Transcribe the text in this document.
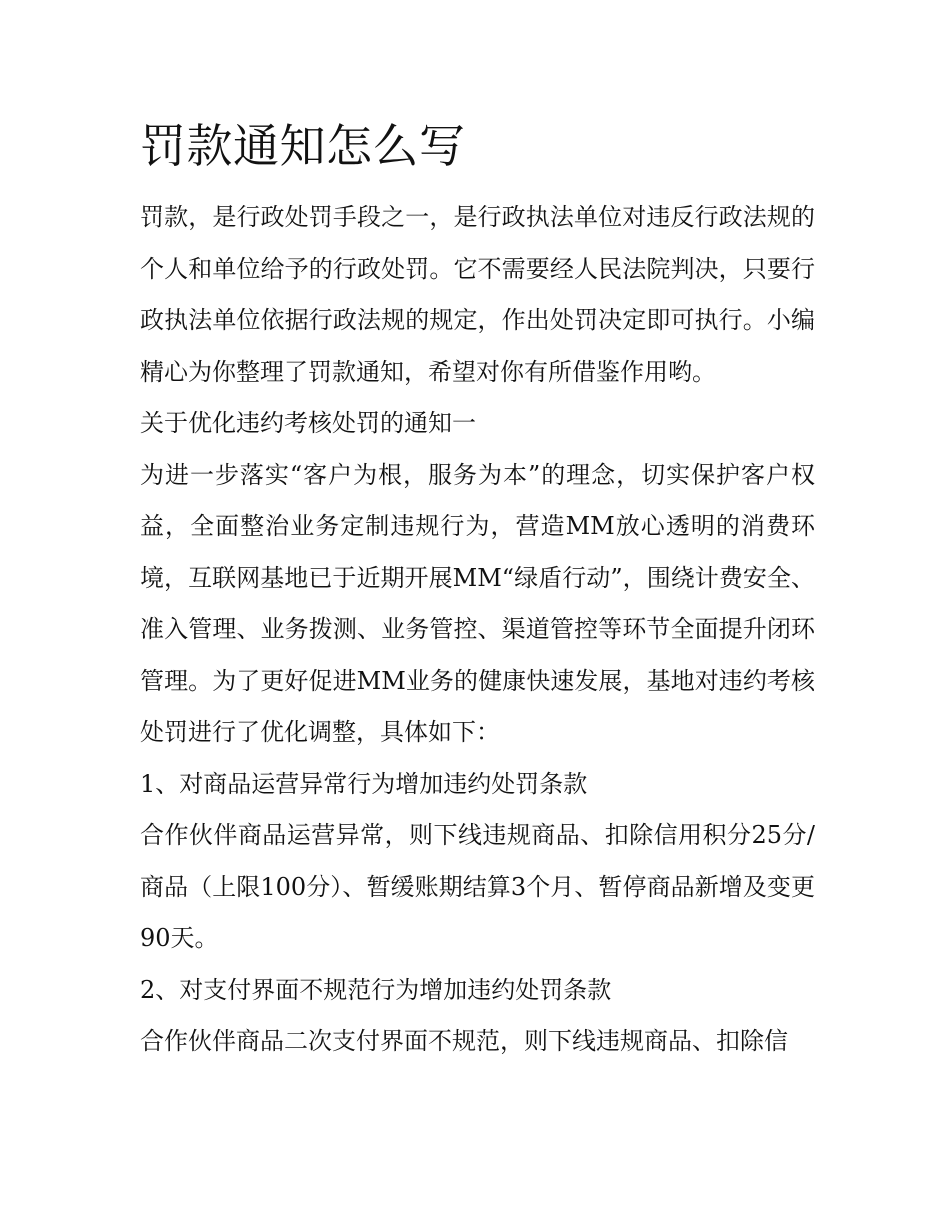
罚款通知怎么写

罚款，是行政处罚手段之一，是行政执法单位对违反行政法规的个人和单位给予的行政处罚。它不需要经人民法院判决，只要行政执法单位依据行政法规的规定，作出处罚决定即可执行。小编精心为你整理了罚款通知，希望对你有所借鉴作用哟。

关于优化违约考核处罚的通知一

为进一步落实“客户为根，服务为本”的理念，切实保护客户权益，全面整治业务定制违规行为，营造MM放心透明的消费环境，互联网基地已于近期开展MM“绿盾行动”，围绕计费安全、准入管理、业务拨测、业务管控、渠道管控等环节全面提升闭环管理。为了更好促进MM业务的健康快速发展，基地对违约考核处罚进行了优化调整，具体如下：

1、对商品运营异常行为增加违约处罚条款

合作伙伴商品运营异常，则下线违规商品、扣除信用积分25分/商品（上限100分）、暂缓账期结算3个月、暂停商品新增及变更90天。

2、对支付界面不规范行为增加违约处罚条款

合作伙伴商品二次支付界面不规范，则下线违规商品、扣除信
